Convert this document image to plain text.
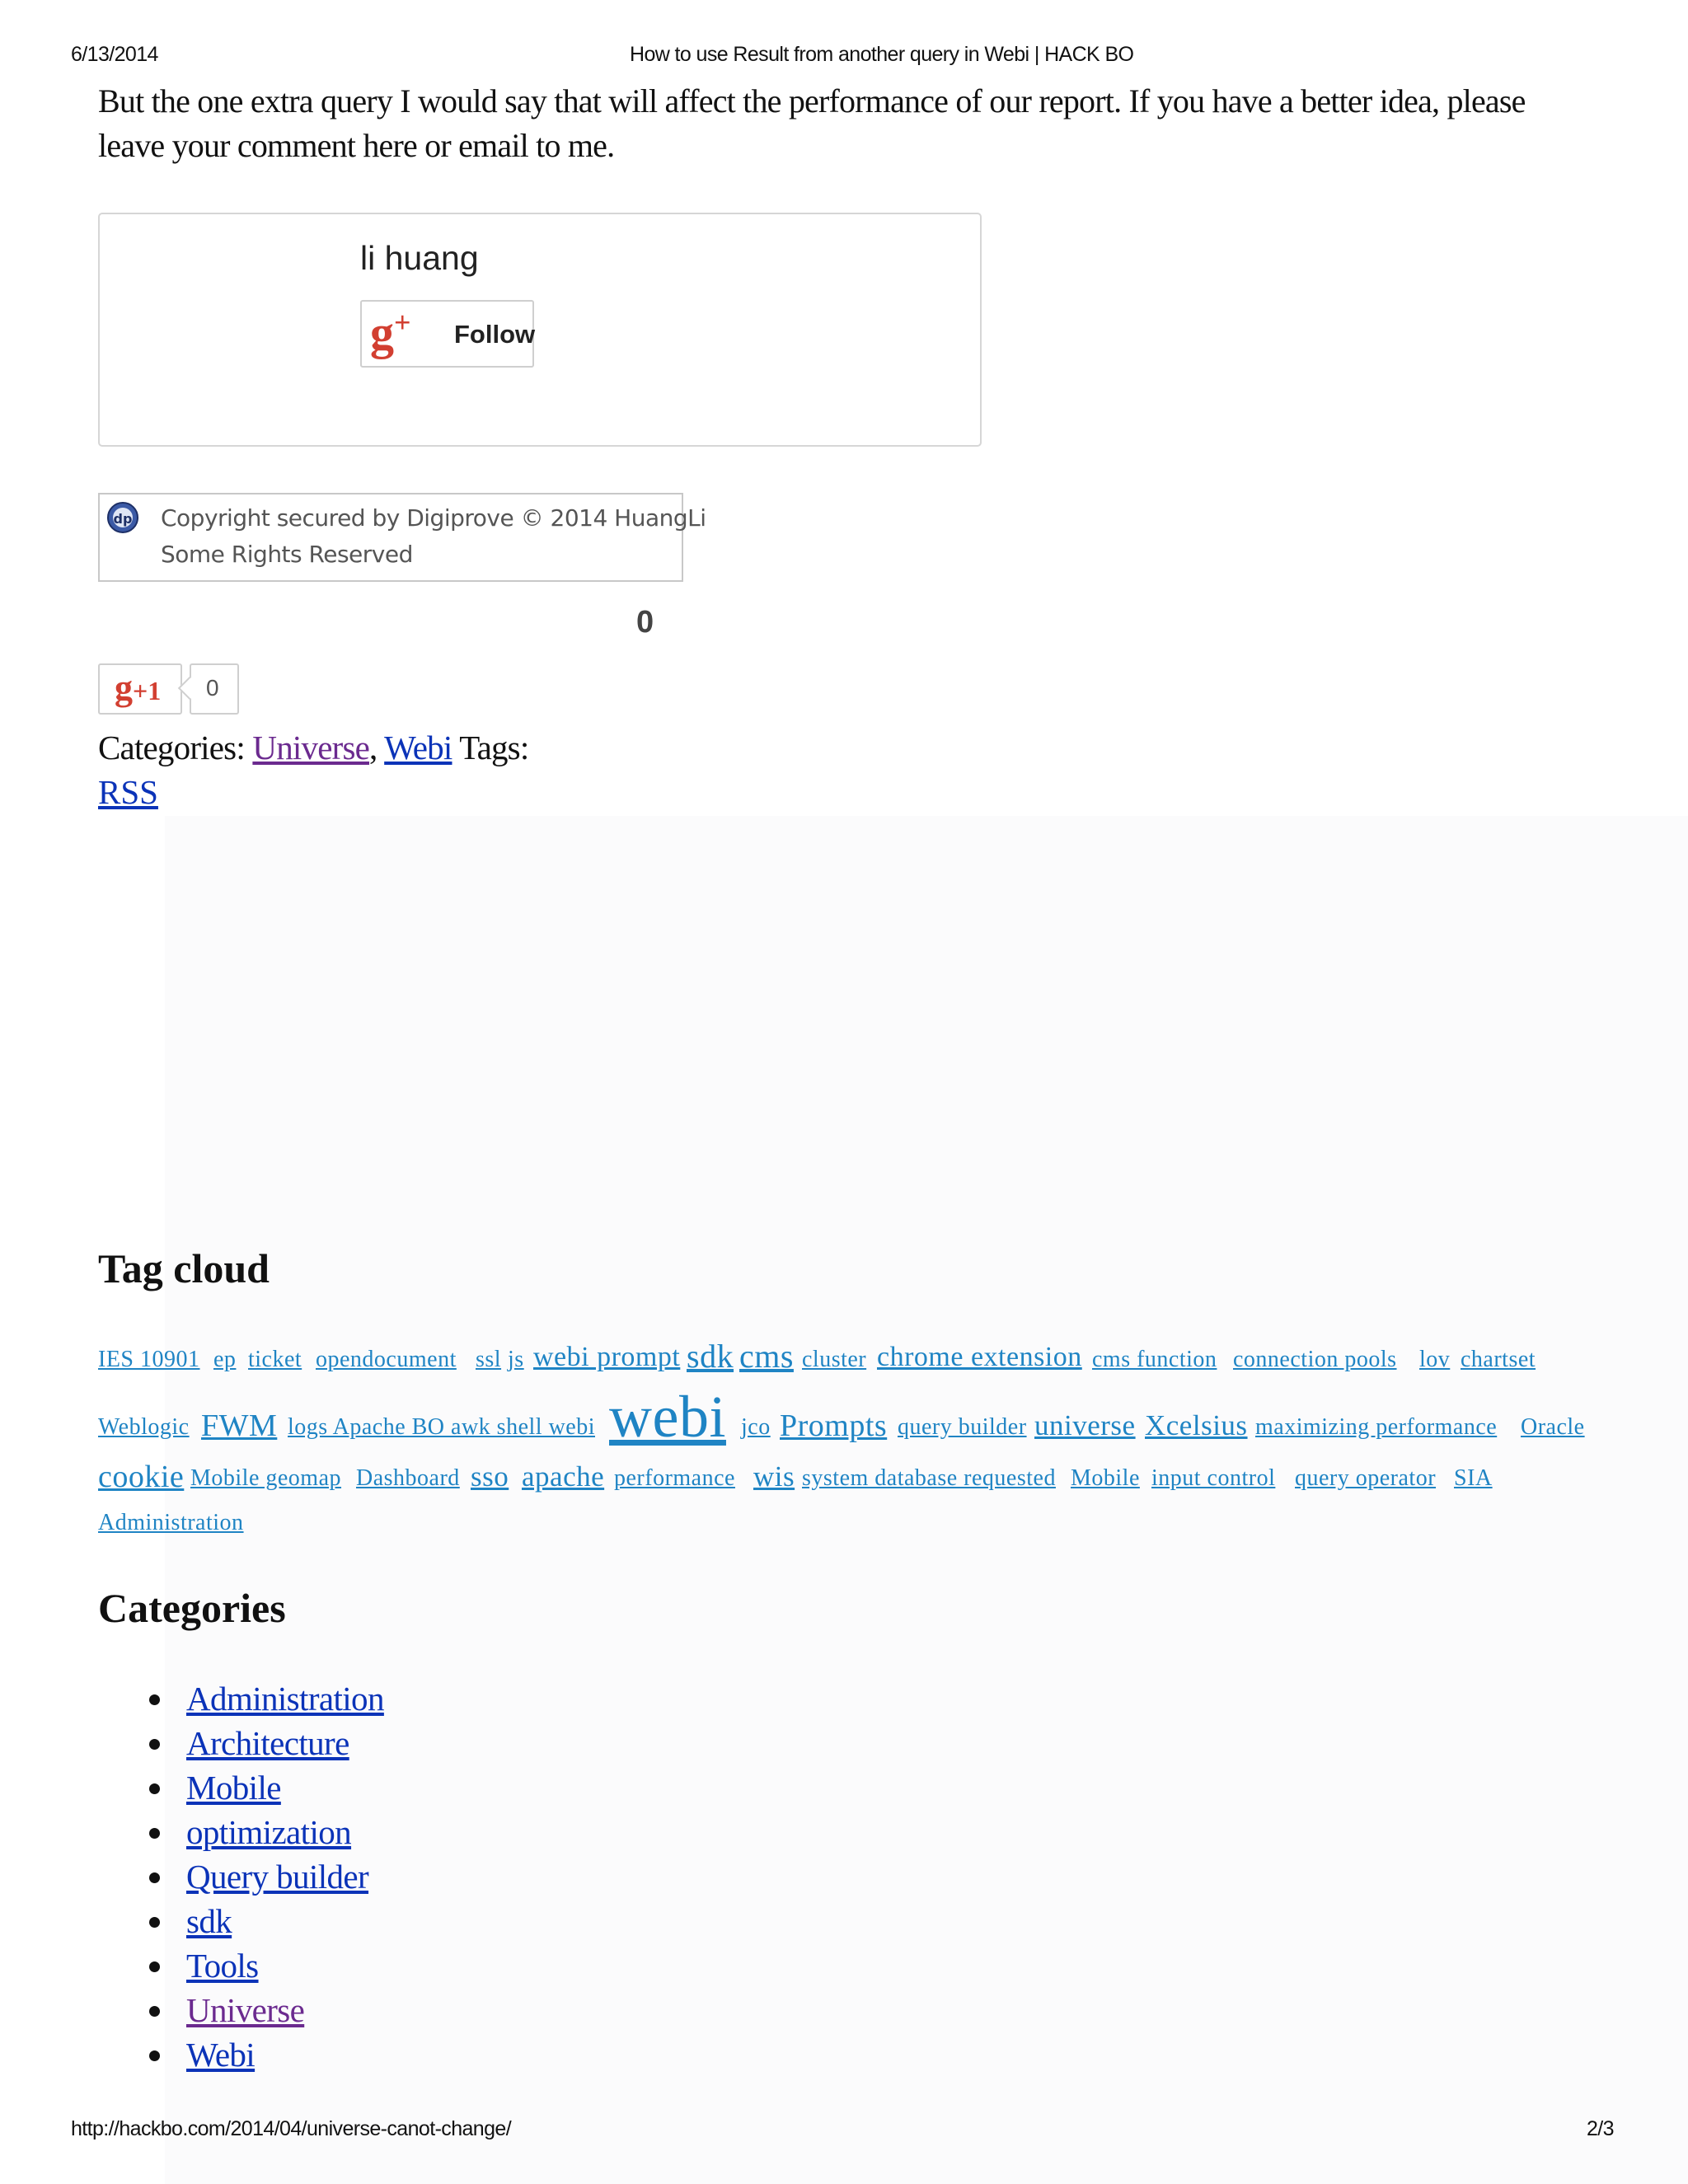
6/13/2014	How to use Result from another query in Webi | HACK BO
But the one extra query I would say that will affect the performance of our report. If you have a better idea, please leave your comment here or email to me.
li huang
g+ Follow
dp Copyright secured by Digiprove © 2014 HuangLi
Some Rights Reserved
0
g+1 0
Categories: Universe, Webi Tags:
RSS
Tag cloud
IES 10901 ep ticket opendocument ssl js webi prompt sdk cms cluster chrome extension cms function connection pools lov chartset
Weblogic FWM logs Apache BO awk shell webi webi jco Prompts query builder universe Xcelsius maximizing performance Oracle
cookie Mobile geomap Dashboard sso apache performance wis system database requested Mobile input control query operator SIA
Administration
Categories
Administration
Architecture
Mobile
optimization
Query builder
sdk
Tools
Universe
Webi
http://hackbo.com/2014/04/universe-canot-change/	2/3
